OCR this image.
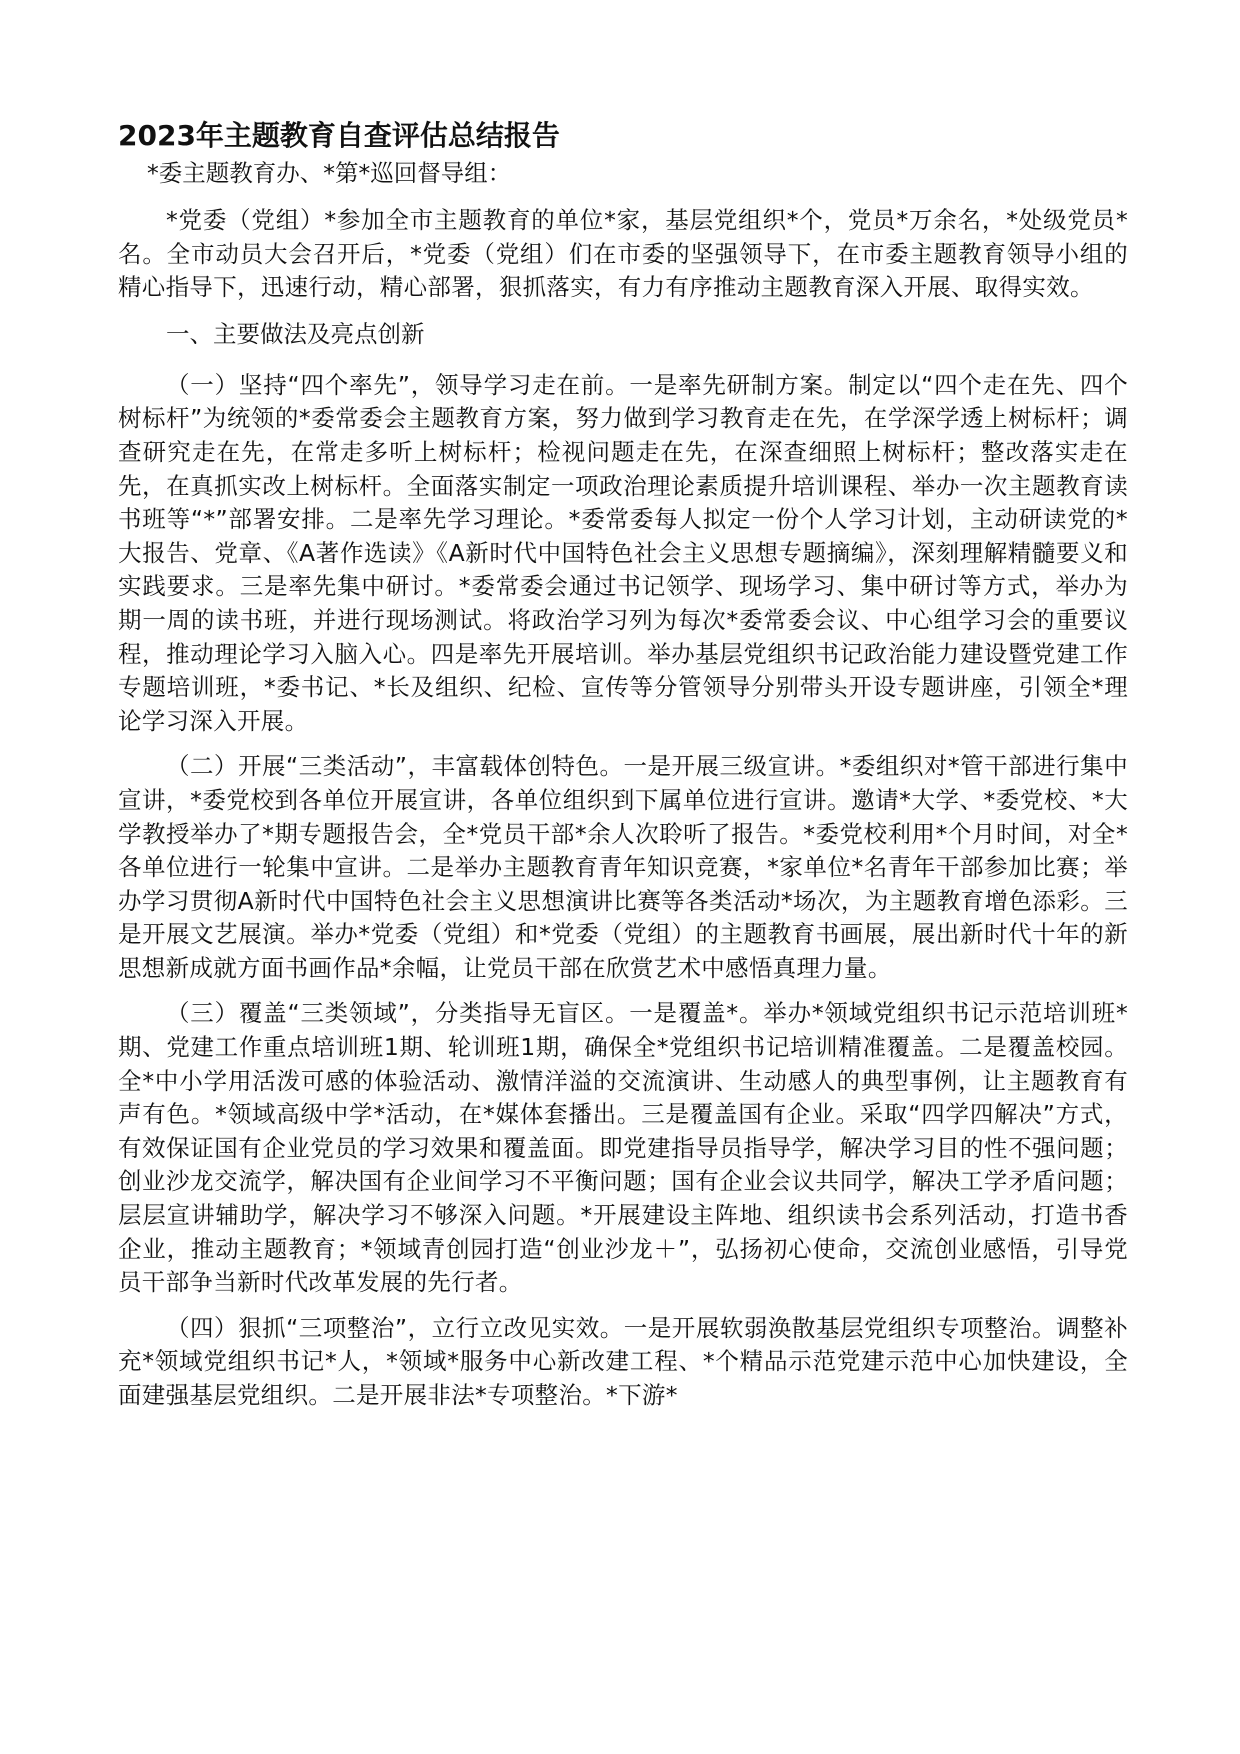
2023年主题教育自查评估总结报告
*委主题教育办、*第*巡回督导组：

*党委（党组）*参加全市主题教育的单位*家，基层党组织*个，党员*万余名，*处级党员*名。全市动员大会召开后，*党委（党组）们在市委的坚强领导下，在市委主题教育领导小组的精心指导下，迅速行动，精心部署，狠抓落实，有力有序推动主题教育深入开展、取得实效。

一、主要做法及亮点创新

（一）坚持“四个率先”，领导学习走在前。一是率先研制方案。制定以“四个走在先、四个树标杆”为统领的*委常委会主题教育方案，努力做到学习教育走在先，在学深学透上树标杆；调查研究走在先，在常走多听上树标杆；检视问题走在先，在深查细照上树标杆；整改落实走在先，在真抓实改上树标杆。全面落实制定一项政治理论素质提升培训课程、举办一次主题教育读书班等“*”部署安排。二是率先学习理论。*委常委每人拟定一份个人学习计划，主动研读党的*大报告、党章、《A著作选读》《A新时代中国特色社会主义思想专题摘编》，深刻理解精髓要义和实践要求。三是率先集中研讨。*委常委会通过书记领学、现场学习、集中研讨等方式，举办为期一周的读书班，并进行现场测试。将政治学习列为每次*委常委会议、中心组学习会的重要议程，推动理论学习入脑入心。四是率先开展培训。举办基层党组织书记政治能力建设暨党建工作专题培训班，*委书记、*长及组织、纪检、宣传等分管领导分别带头开设专题讲座，引领全*理论学习深入开展。

（二）开展“三类活动”，丰富载体创特色。一是开展三级宣讲。*委组织对*管干部进行集中宣讲，*委党校到各单位开展宣讲，各单位组织到下属单位进行宣讲。邀请*大学、*委党校、*大学教授举办了*期专题报告会，全*党员干部*余人次聆听了报告。*委党校利用*个月时间，对全*各单位进行一轮集中宣讲。二是举办主题教育青年知识竞赛，*家单位*名青年干部参加比赛；举办学习贯彻A新时代中国特色社会主义思想演讲比赛等各类活动*场次，为主题教育增色添彩。三是开展文艺展演。举办*党委（党组）和*党委（党组）的主题教育书画展，展出新时代十年的新思想新成就方面书画作品*余幅，让党员干部在欣赏艺术中感悟真理力量。

（三）覆盖“三类领域”，分类指导无盲区。一是覆盖*。举办*领域党组织书记示范培训班*期、党建工作重点培训班1期、轮训班1期，确保全*党组织书记培训精准覆盖。二是覆盖校园。全*中小学用活泼可感的体验活动、激情洋溢的交流演讲、生动感人的典型事例，让主题教育有声有色。*领域高级中学*活动，在*媒体套播出。三是覆盖国有企业。采取“四学四解决”方式，有效保证国有企业党员的学习效果和覆盖面。即党建指导员指导学，解决学习目的性不强问题；创业沙龙交流学，解决国有企业间学习不平衡问题；国有企业会议共同学，解决工学矛盾问题；层层宣讲辅助学，解决学习不够深入问题。*开展建设主阵地、组织读书会系列活动，打造书香企业，推动主题教育；*领域青创园打造“创业沙龙＋”，弘扬初心使命，交流创业感悟，引导党员干部争当新时代改革发展的先行者。

（四）狠抓“三项整治”，立行立改见实效。一是开展软弱涣散基层党组织专项整治。调整补充*领域党组织书记*人，*领域*服务中心新改建工程、*个精品示范党建示范中心加快建设，全面建强基层党组织。二是开展非法*专项整治。*下游*
